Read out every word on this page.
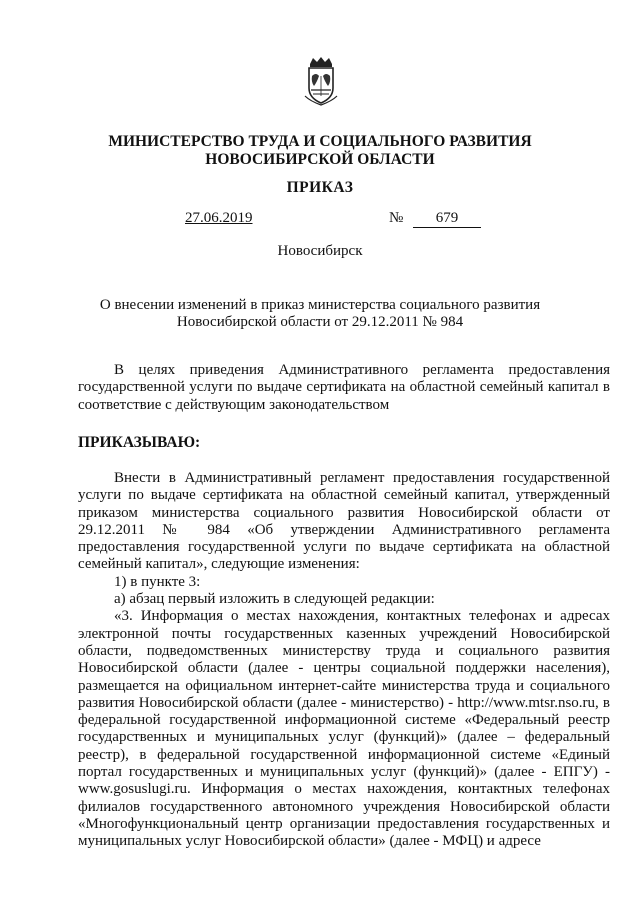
МИНИСТЕРСТВО ТРУДА И СОЦИАЛЬНОГО РАЗВИТИЯ
НОВОСИБИРСКОЙ ОБЛАСТИ
ПРИКАЗ
27.06.2019	№	679
Новосибирск
О внесении изменений в приказ министерства социального развития
Новосибирской области от 29.12.2011 № 984

В целях приведения Административного регламента предоставления государственной услуги по выдаче сертификата на областной семейный капитал в соответствие с действующим законодательством

ПРИКАЗЫВАЮ:

Внести в Административный регламент предоставления государственной услуги по выдаче сертификата на областной семейный капитал, утвержденный приказом министерства социального развития Новосибирской области от 29.12.2011 № 984 «Об утверждении Административного регламента предоставления государственной услуги по выдаче сертификата на областной семейный капитал», следующие изменения:

1) в пункте 3:

а) абзац первый изложить в следующей редакции:

«3. Информация о местах нахождения, контактных телефонах и адресах электронной почты государственных казенных учреждений Новосибирской области, подведомственных министерству труда и социального развития Новосибирской области (далее - центры социальной поддержки населения), размещается на официальном интернет-сайте министерства труда и социального развития Новосибирской области (далее - министерство) - http://www.mtsr.nso.ru, в федеральной государственной информационной системе «Федеральный реестр государственных и муниципальных услуг (функций)» (далее – федеральный реестр), в федеральной государственной информационной системе «Единый портал государственных и муниципальных услуг (функций)» (далее - ЕПГУ) - www.gosuslugi.ru. Информация о местах нахождения, контактных телефонах филиалов государственного автономного учреждения Новосибирской области «Многофункциональный центр организации предоставления государственных и муниципальных услуг Новосибирской области» (далее - МФЦ) и адресе
